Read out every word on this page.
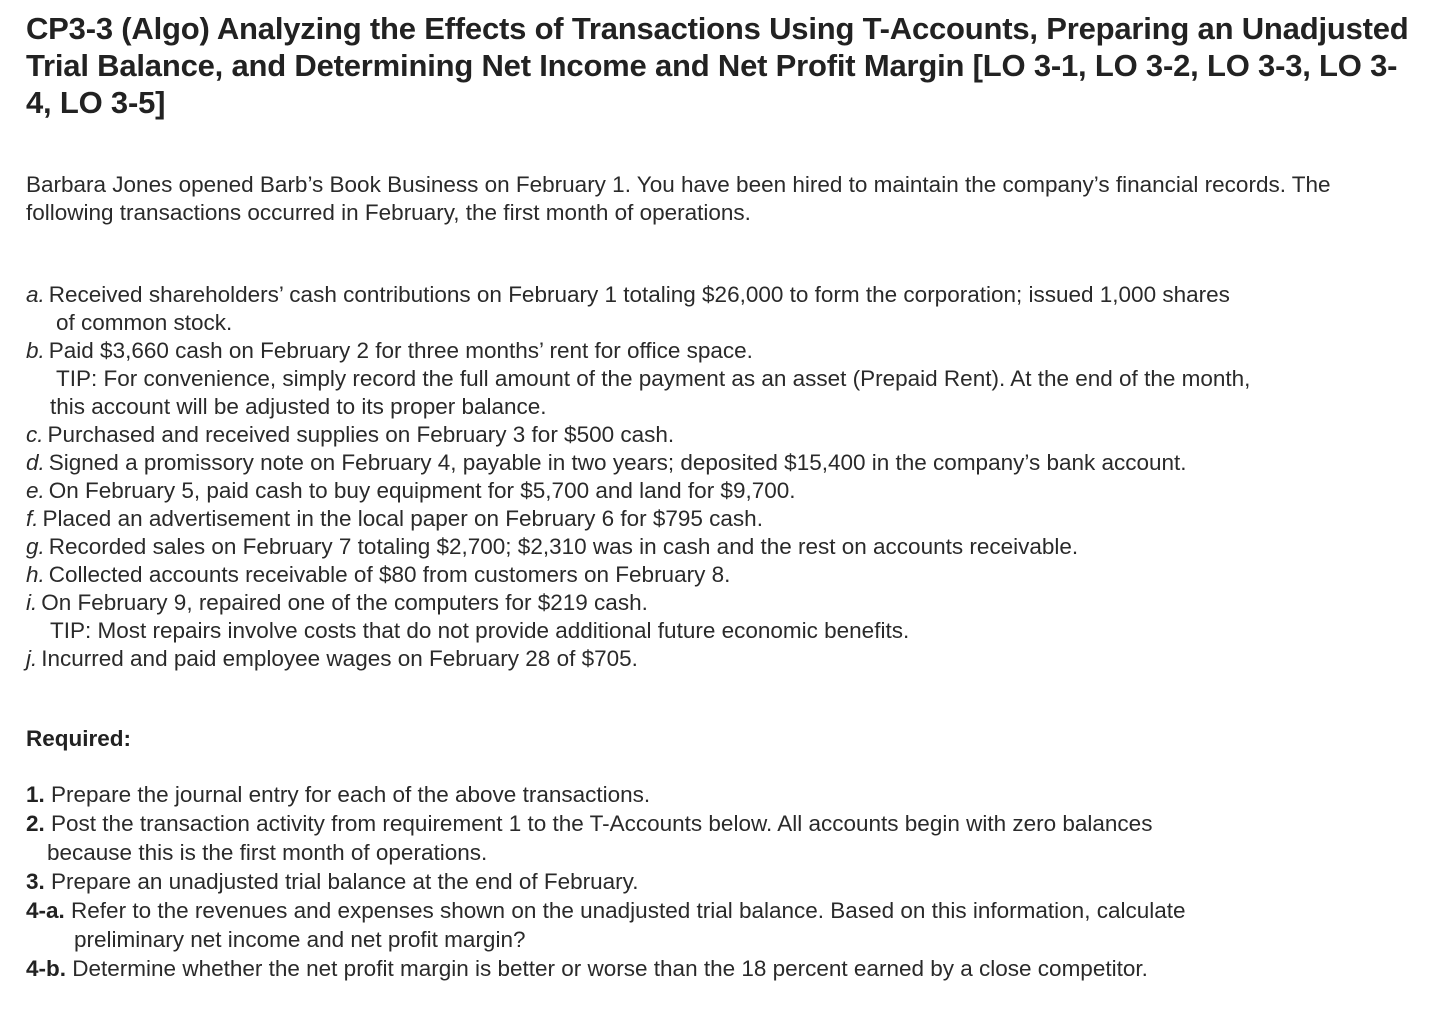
CP3-3 (Algo) Analyzing the Effects of Transactions Using T-Accounts, Preparing an Unadjusted Trial Balance, and Determining Net Income and Net Profit Margin [LO 3-1, LO 3-2, LO 3-3, LO 3-4, LO 3-5]

Barbara Jones opened Barb’s Book Business on February 1. You have been hired to maintain the company’s financial records. The following transactions occurred in February, the first month of operations.

a. Received shareholders’ cash contributions on February 1 totaling $26,000 to form the corporation; issued 1,000 shares
of common stock.
b. Paid $3,660 cash on February 2 for three months’ rent for office space.
TIP: For convenience, simply record the full amount of the payment as an asset (Prepaid Rent). At the end of the month,
this account will be adjusted to its proper balance.
c. Purchased and received supplies on February 3 for $500 cash.
d. Signed a promissory note on February 4, payable in two years; deposited $15,400 in the company’s bank account.
e. On February 5, paid cash to buy equipment for $5,700 and land for $9,700.
f. Placed an advertisement in the local paper on February 6 for $795 cash.
g. Recorded sales on February 7 totaling $2,700; $2,310 was in cash and the rest on accounts receivable.
h. Collected accounts receivable of $80 from customers on February 8.
i. On February 9, repaired one of the computers for $219 cash.
TIP: Most repairs involve costs that do not provide additional future economic benefits.
j. Incurred and paid employee wages on February 28 of $705.
Required:
1. Prepare the journal entry for each of the above transactions.
2. Post the transaction activity from requirement 1 to the T-Accounts below. All accounts begin with zero balances
because this is the first month of operations.
3. Prepare an unadjusted trial balance at the end of February.
4-a. Refer to the revenues and expenses shown on the unadjusted trial balance. Based on this information, calculate
preliminary net income and net profit margin?
4-b. Determine whether the net profit margin is better or worse than the 18 percent earned by a close competitor.
